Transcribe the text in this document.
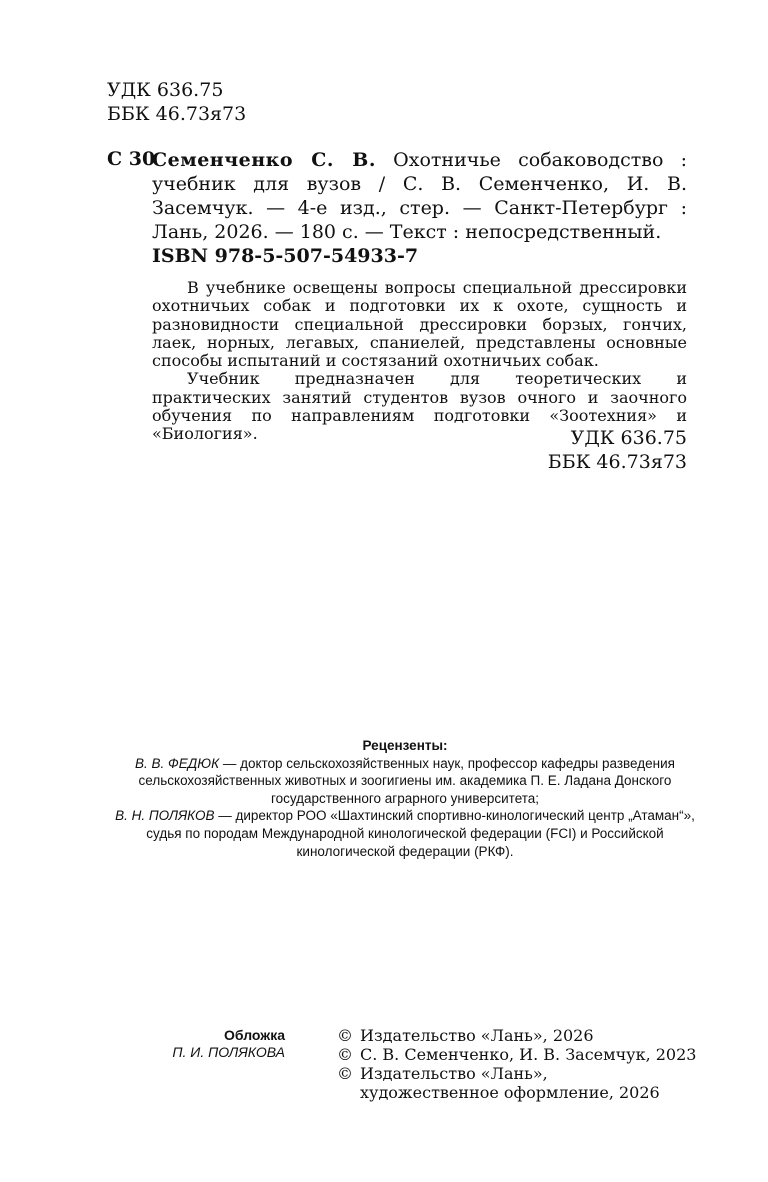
УДК 636.75
ББК 46.73я73
С 30
Семенченко С. В. Охотничье собаководство : учебник для вузов / С. В. Семенченко, И. В. Засемчук. — 4-е изд., стер. — Санкт-Петербург : Лань, 2026. — 180 с. — Текст : непосредственный.
ISBN 978-5-507-54933-7

В учебнике освещены вопросы специальной дрессировки охотничьих собак и подготовки их к охоте, сущность и разновидности специальной дрессировки борзых, гончих, лаек, норных, легавых, спаниелей, представлены основные способы испытаний и состязаний охотничьих собак.

Учебник предназначен для теоретических и практических занятий студентов вузов очного и заочного обучения по направлениям подготовки «Зоотехния» и «Биология».	УДК 636.75
ББК 46.73я73
Рецензенты:
В. В. ФЕДЮК — доктор сельскохозяйственных наук, профессор кафедры разведения сельскохозяйственных животных и зоогигиены им. академика П. Е. Ладана Донского государственного аграрного университета;
В. Н. ПОЛЯКОВ — директор РОО «Шахтинский спортивно-кинологический центр „Атаман“», судья по породам Международной кинологической федерации (FCI) и Российской кинологической федерации (РКФ).
Обложка
П. И. ПОЛЯКОВА
© Издательство «Лань», 2026
© С. В. Семенченко, И. В. Засемчук, 2023
© Издательство «Лань»,
художественное оформление, 2026
